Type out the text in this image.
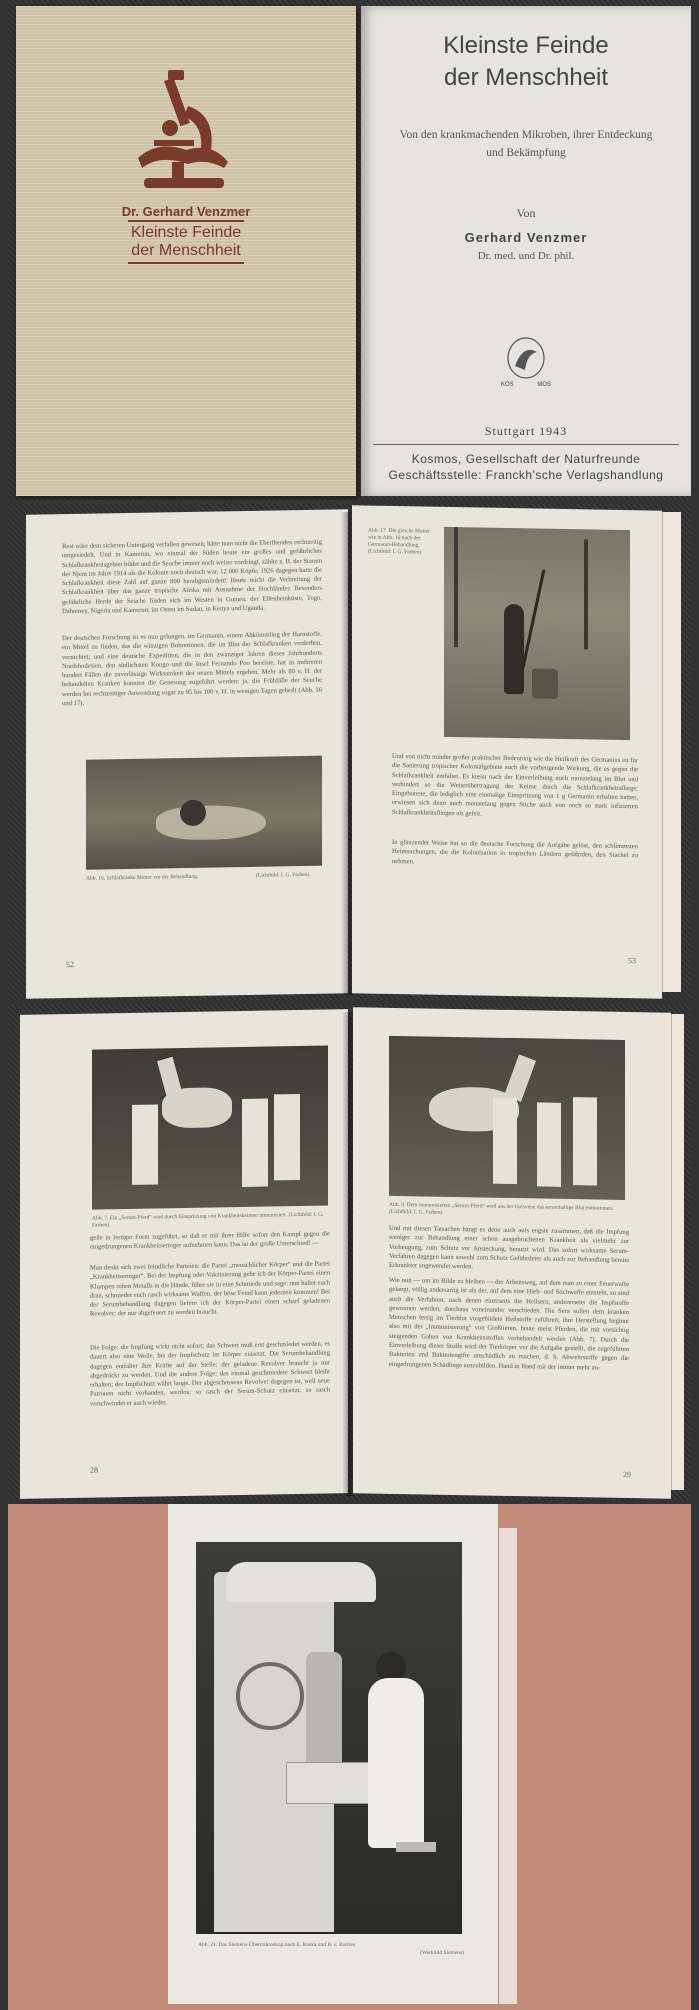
Dr. Gerhard Venzmer
Kleinste Feinde
der Menschheit
Kleinste Feinde
der Menschheit
Von den krankmachenden Mikroben, ihrer Entdeckung
und Bekämpfung
Von
Gerhard Venzmer
Dr. med. und Dr. phil.
KOS	MOS
Stuttgart 1943
Kosmos, Gesellschaft der Naturfreunde
Geschäftsstelle: Franckh'sche Verlagshandlung
Rest wäre dem sicheren Untergang verfallen gewesen, hätte man nicht die Eberthenden rechtzeitig umgesiedelt. Und in Kamerun, wo einmal der Süden heute ein großes und gefährliches Schlafkrankheitsgebiet bildet und die Seuche immer noch weiter vordringt, zählte z. B. der Stamm der Njem im Jahre 1914 als die Kolonie noch deutsch war, 12 000 Köpfe; 1926 dagegen hatte die Schlafkrankheit diese Zahl auf ganze 800 herabgemindert! Heute reicht die Verbreitung der Schlafkrankheit über das ganze tropische Afrika mit Ausnahme der Hochländer. Besonders gefährliche Herde der Seuche finden sich im Westen in Guinea, der Elfenbeinküste, Togo, Dahomey, Nigeria und Kamerun; im Osten im Sudan, in Kenya und Uganda.
Der deutschen Forschung ist es nun gelungen, im Germanin, einem Abkömmling der Harnstoffe, ein Mittel zu finden, das die winzigen Bohrerinnen, die im Blut der Schlafkranken verderben, vernichtet; und eine deutsche Expedition, die in den zwanziger Jahren dieses Jahrhunderts Nordrhodesien, den südlichsten Kongo und die Insel Fernando Poo bereiste, hat in mehreren hundert Fällen die zuverlässige Wirksamkeit des neuen Mittels ergeben. Mehr als 80 v. H. der behandelten Kranken konnten die Genesung zugeführt werden; ja, die Frühfälle der Seuche werden bei rechtzeitiger Anwendung sogar zu 95 bis 100 v. H. in wenigen Tagen geheilt (Abb. 16 und 17).
Abb. 16. Schlafkranke Mutter vor der Behandlung.	(Lichtbild: I. G. Farben)
52
Abb. 17. Die gleiche Mutter wie in Abb. 16 nach der Germanin-Behandlung. (Lichtbild: I. G. Farben)
Und von nicht minder großer praktischer Bedeutung wie die Heilkraft des Germanins ist für die Sanierung tropischer Kolonialgebiete auch die vorbeugende Wirkung, die es gegen die Schlafkrankheit entfaltet. Es kreist nach der Einverleibung noch monatelang im Blut und verhindert so die Weiterübertragung der Keime durch die Schlafkrankheitsfliege; Eingeborene, die lediglich eine einmalige Einspritzung von 1 g Germanin erhalten hatten, erwiesen sich denn auch monatelang gegen Stiche auch von noch so stark infizierten Schlafkrankheitsfliegen als gefeit.
In glänzender Weise hat so die deutsche Forschung die Aufgabe gelöst, den schlimmsten Heimsuchungen, die die Kolonisation in tropischen Ländern gefährden, den Stachel zu nehmen.
53
Abb. 7. Ein „Serum-Pferd“ wird durch Einspritzung von Krankheitskeimen immunisiert. (Lichtbild: I. G. Farben)
geile in fertiger Form zugeführt, so daß er mit ihrer Hilfe sofort den Kampf gegen die eingedrungenen Krankheitserreger aufnehmen kann. Das ist der große Unterschied! —
Man denkt sich zwei feindliche Parteien: die Partei „menschlicher Körper“ und die Partei „Krankheitserreger“. Bei der Impfung oder Vakzinierung gebe ich der Körper-Partei einen Klumpen rohen Metalls in die Hände, führe sie in eine Schmiede und sage: nun haltet euch dran, schmiedet euch rasch wirksame Waffen, der böse Feind kann jederzeit kommen! Bei der Serumbehandlung dagegen liefere ich der Körper-Partei einen scharf geladenen Revolver; der nur abgefeuert zu werden braucht.
Die Folge: die Impfung wirkt nicht sofort; das Schwert muß erst geschmiedet werden, es dauert also eine Weile, bis der Impfschutz im Körper einsetzt. Die Serumbehandlung dagegen entfaltet ihre Kräfte auf der Stelle: der geladene Revolver braucht ja nur abgedrückt zu werden. Und die andere Folge: das einmal geschmiedete Schwert bleibt erhalten; der Impfschutz währt lange. Der abgeschossene Revolver dagegen ist, weil neue Patronen nicht vorhanden, wertlos; so rasch der Serum-Schutz einsetzt, so rasch verschwindet er auch wieder.
28
Abb. 8. Dem immunisierten „Serum-Pferd“ wird aus der Halsvene das serumhaltige Blut entnommen. (Lichtbild: I. G. Farben)
Und mit diesen Tatsachen hängt es denn auch aufs engste zusammen, daß die Impfung weniger zur Behandlung einer schon ausgebrochenen Krankheit als vielmehr zur Vorbeugung, zum Schutz vor Ansteckung, benutzt wird. Das sofort wirksame Serum-Verfahren dagegen kann sowohl zum Schutz Gefährdeter als auch zur Behandlung bereits Erkrankter angewendet werden.
Wie nun — um im Bilde zu bleiben — der Arbeitsweg, auf dem man zu einer Feuerwaffe gelangt, völlig andersartig ist als der, auf dem eine Hieb- und Stichwaffe entsteht, so sind auch die Verfahren, nach denen einerseits die Heilsera, andererseits die Impfstoffe gewonnen werden, durchaus voneinander verschieden. Die Sera sollen dem kranken Menschen fertig im Tierblut vorgebildete Heilstoffe zuführen; ihre Herstellung beginnt also mit der „Immunisierung“ von Großtieren, heute meist Pferden, die mit vorsichtig steigenden Gaben von Krankheitsstoffen vorbehandelt werden (Abb. 7). Durch die Einverleibung dieser Stoffe wird der Tierkörper vor die Aufgabe gestellt, die zugeführten Bakterien und Bakteriengifte unschädlich zu machen, d. h. Abwehrstoffe gegen die eingedrungenen Schädlinge auszubilden. Hand in Hand mit der immer mehr an-
29
Abb. 21. Das Siemens-Übermikroskop nach E. Ruska und B. v. Borries
(Werkbild Siemens)
